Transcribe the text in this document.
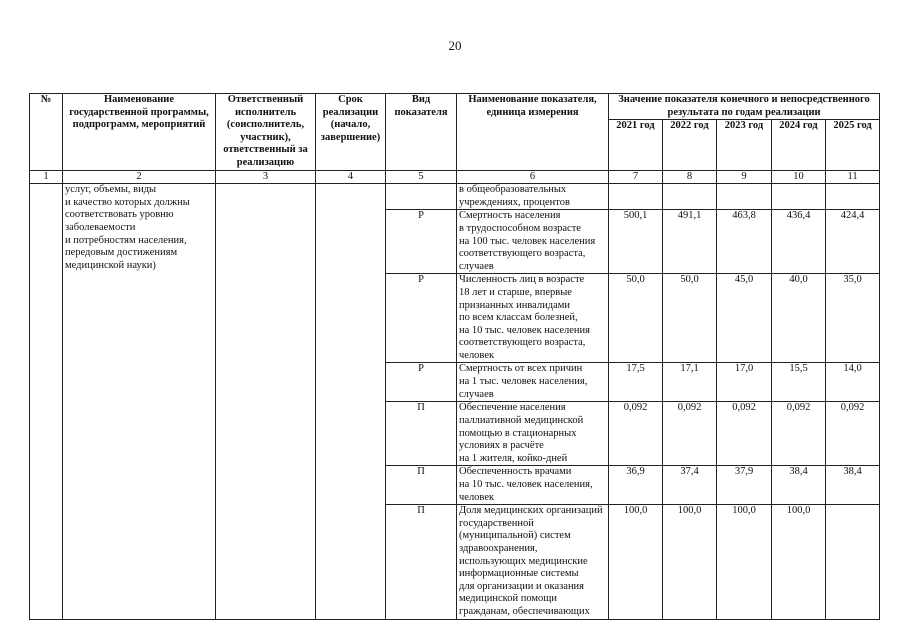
20
№	Наименование государственной программы, подпрограмм, мероприятий	Ответственный исполнитель (соисполнитель, участник), ответственный за реализацию	Срок реализации (начало, завершение)	Вид показателя	Наименование показателя, единица измерения	Значение показателя конечного и непосредственного результата по годам реализации				
						2021 год	2022 год	2023 год	2024 год	2025 год
1	2	3	4	5	6	7	8	9	10	11
	услуг, объемы, виды
и качество которых должны соответствовать уровню заболеваемости
и потребностям населения, передовым достижениям медицинской науки)				в общеобразовательных учреждениях, процентов					
				Р	Смертность населения
в трудоспособном возрасте
на 100 тыс. человек населения соответствующего возраста, случаев	500,1	491,1	463,8	436,4	424,4
				Р	Численность лиц в возрасте
18 лет и старше, впервые признанных инвалидами
по всем классам болезней,
на 10 тыс. человек населения соответствующего возраста, человек	50,0	50,0	45,0	40,0	35,0
				Р	Смертность от всех причин
на 1 тыс. человек населения, случаев	17,5	17,1	17,0	15,5	14,0
				П	Обеспечение населения паллиативной медицинской помощью в стационарных условиях в расчёте
на 1 жителя, койко-дней	0,092	0,092	0,092	0,092	0,092
				П	Обеспеченность врачами
на 10 тыс. человек населения, человек	36,9	37,4	37,9	38,4	38,4
				П	Доля медицинских организаций государственной (муниципальной) систем здравоохранения, использующих медицинские информационные системы
для организации и оказания медицинской помощи гражданам, обеспечивающих	100,0	100,0	100,0	100,0	
